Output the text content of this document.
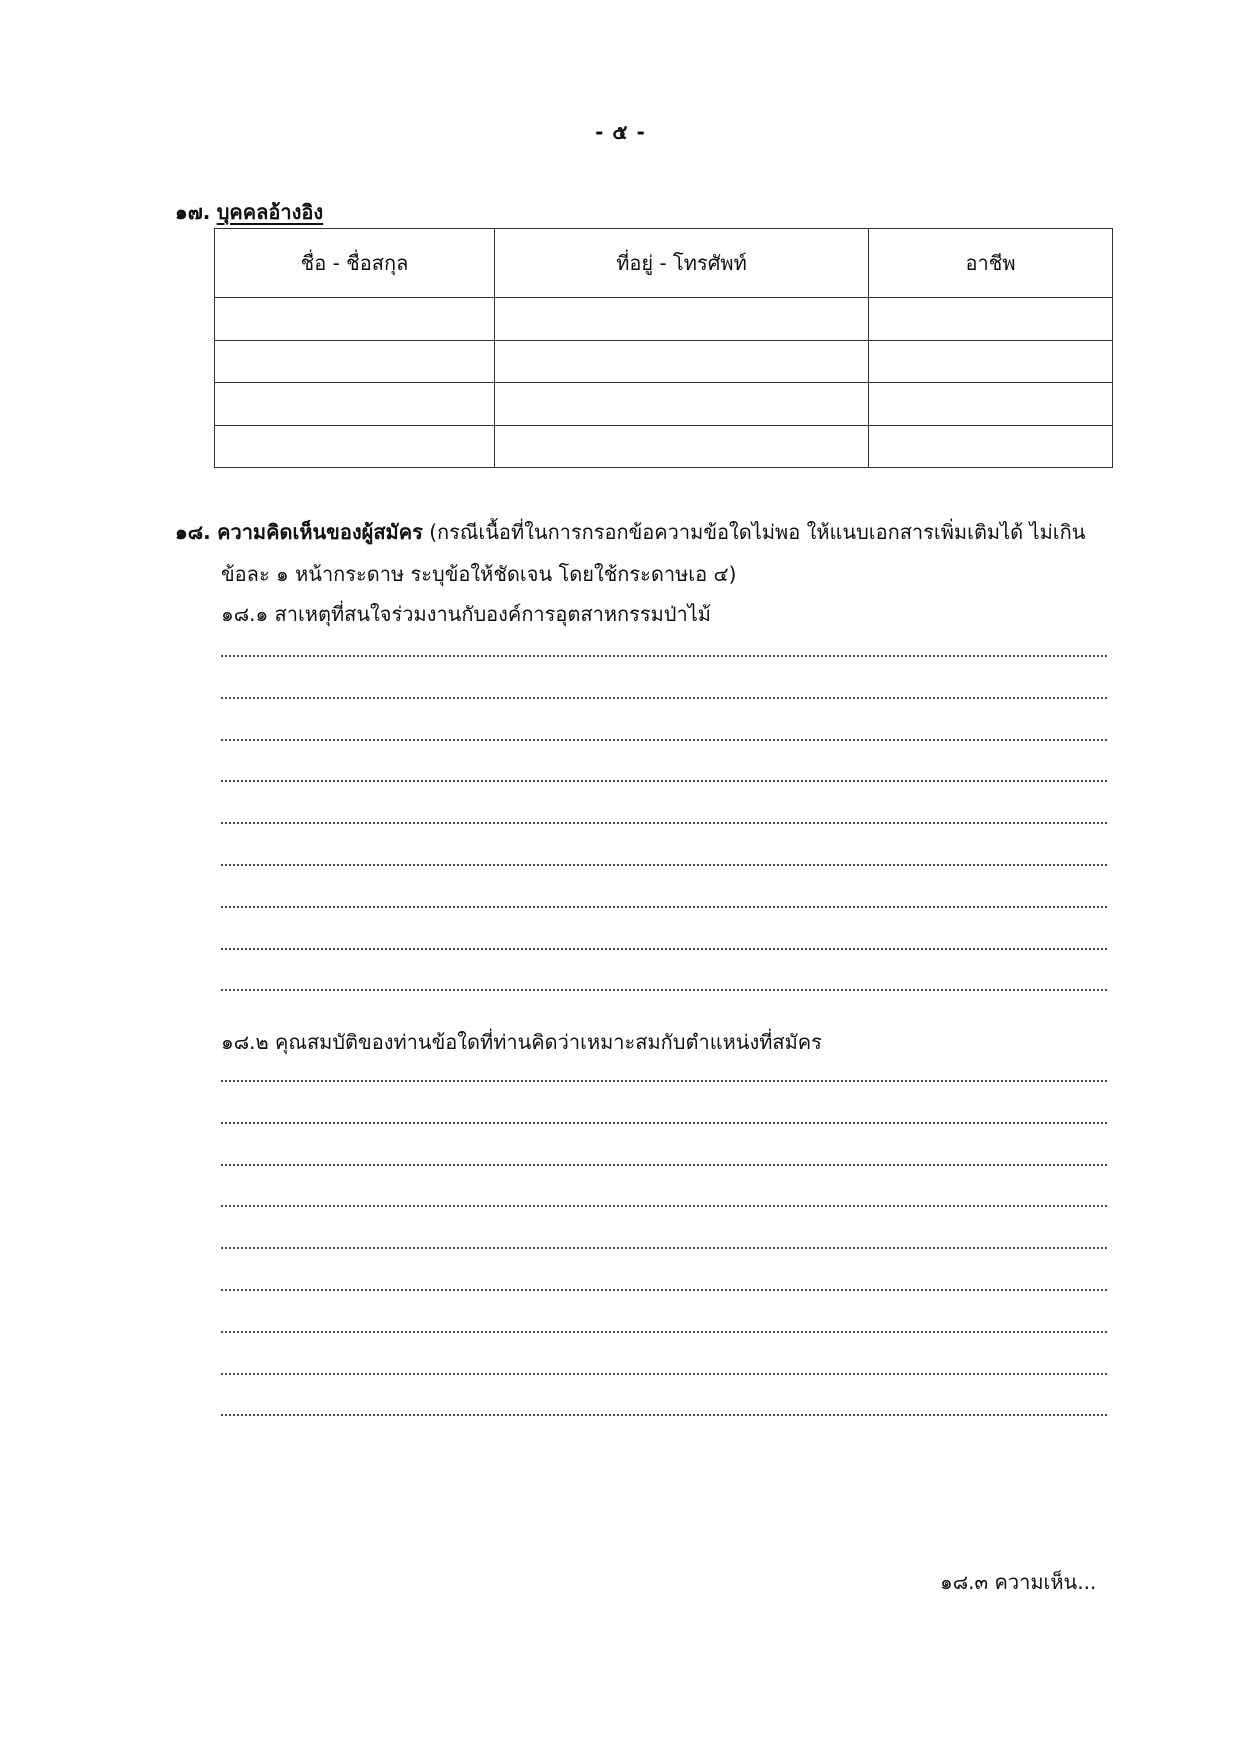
- ๕ -
๑๗. บุคคลอ้างอิง
ชื่อ - ชื่อสกุล	ที่อยู่ - โทรศัพท์	อาชีพ

๑๘. ความคิดเห็นของผู้สมัคร (กรณีเนื้อที่ในการกรอกข้อความข้อใดไม่พอ ให้แนบเอกสารเพิ่มเติมได้ ไม่เกิน
ข้อละ ๑ หน้ากระดาษ ระบุข้อให้ชัดเจน โดยใช้กระดาษเอ ๔)
๑๘.๑ สาเหตุที่สนใจร่วมงานกับองค์การอุตสาหกรรมป่าไม้
๑๘.๒ คุณสมบัติของท่านข้อใดที่ท่านคิดว่าเหมาะสมกับตำแหน่งที่สมัคร
๑๘.๓ ความเห็น...
